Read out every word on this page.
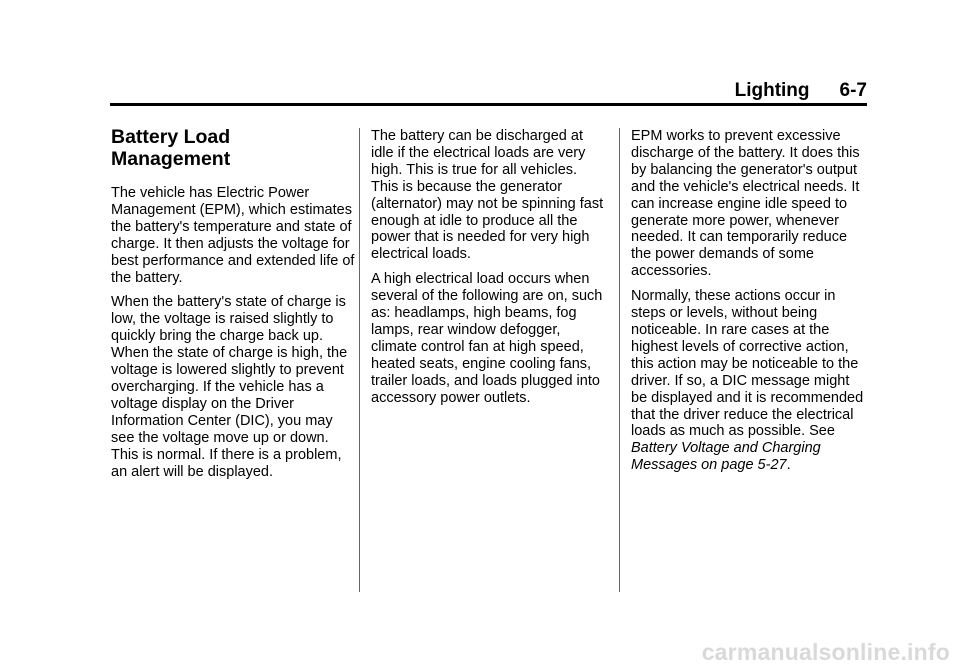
Lighting 6-7
Battery Load
Management

The vehicle has Electric Power Management (EPM), which estimates the battery's temperature and state of charge. It then adjusts the voltage for best performance and extended life of the battery.

When the battery's state of charge is low, the voltage is raised slightly to quickly bring the charge back up. When the state of charge is high, the voltage is lowered slightly to prevent overcharging. If the vehicle has a voltage display on the Driver Information Center (DIC), you may see the voltage move up or down. This is normal. If there is a problem, an alert will be displayed.

The battery can be discharged at idle if the electrical loads are very high. This is true for all vehicles. This is because the generator (alternator) may not be spinning fast enough at idle to produce all the power that is needed for very high electrical loads.

A high electrical load occurs when several of the following are on, such as: headlamps, high beams, fog lamps, rear window defogger, climate control fan at high speed, heated seats, engine cooling fans, trailer loads, and loads plugged into accessory power outlets.

EPM works to prevent excessive discharge of the battery. It does this by balancing the generator's output and the vehicle's electrical needs. It can increase engine idle speed to generate more power, whenever needed. It can temporarily reduce the power demands of some accessories.

Normally, these actions occur in steps or levels, without being noticeable. In rare cases at the highest levels of corrective action, this action may be noticeable to the driver. If so, a DIC message might be displayed and it is recommended that the driver reduce the electrical loads as much as possible. See Battery Voltage and Charging Messages on page 5-27.

carmanualsonline.info
